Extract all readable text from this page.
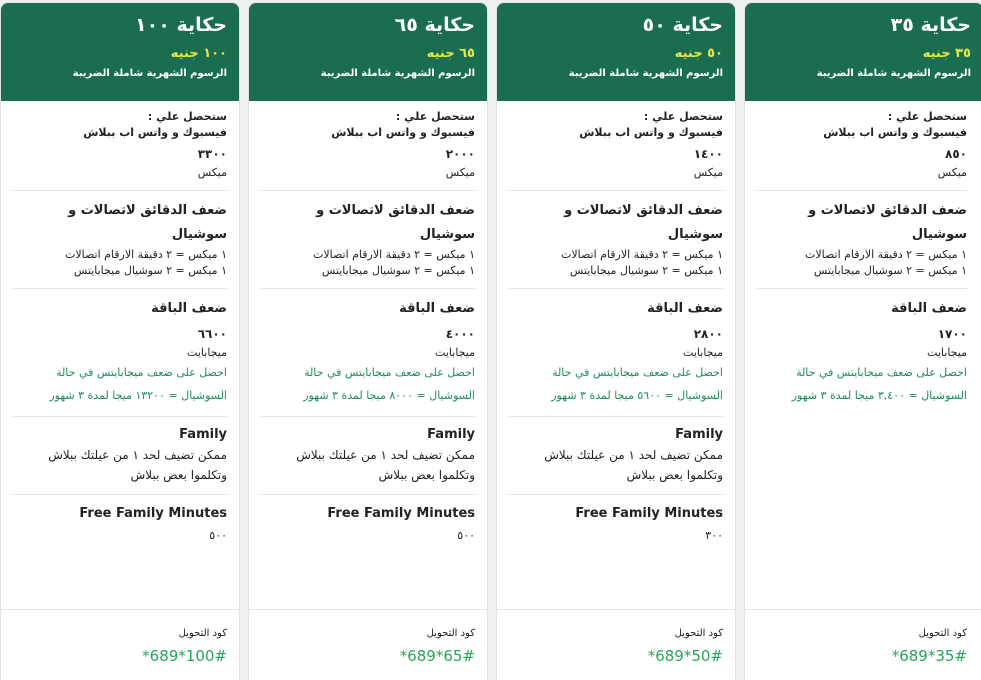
حكاية ١٠٠
١٠٠ جنيه
الرسوم الشهرية شاملة الضريبة
ستحصل علي :
فيسبوك و واتس اب ببلاش
٣٣٠٠
ميكس
ضعف الدقائق لاتصالات و سوشيال
١ ميكس = ٢ دقيقة الارقام اتصالات
١ ميكس = ٢ سوشيال ميجابايتس
ضعف الباقة
٦٦٠٠
ميجابايت
احصل على ضعف ميجابايتس في حالة السوشيال = ١٣٢٠٠ ميجا لمدة ٣ شهور
Family
ممكن تضيف لحد ١ من عيلتك ببلاش وتكلموا بعض ببلاش
Free Family Minutes
٥٠٠
كود التحويل
*689*100#
حكاية ٦٥
٦٥ جنيه
الرسوم الشهرية شاملة الضريبة
ستحصل علي :
فيسبوك و واتس اب ببلاش
٢٠٠٠
ميكس
ضعف الدقائق لاتصالات و سوشيال
١ ميكس = ٢ دقيقة الارقام اتصالات
١ ميكس = ٢ سوشيال ميجابايتس
ضعف الباقة
٤٠٠٠
ميجابايت
احصل على ضعف ميجابايتس في حالة السوشيال = ٨٠٠٠ ميجا لمدة ٣ شهور
Family
ممكن تضيف لحد ١ من عيلتك ببلاش وتكلموا بعض ببلاش
Free Family Minutes
٥٠٠
كود التحويل
*689*65#
حكاية ٥٠
٥٠ جنيه
الرسوم الشهرية شاملة الضريبة
ستحصل علي :
فيسبوك و واتس اب ببلاش
١٤٠٠
ميكس
ضعف الدقائق لاتصالات و سوشيال
١ ميكس = ٢ دقيقة الارقام اتصالات
١ ميكس = ٢ سوشيال ميجابايتس
ضعف الباقة
٢٨٠٠
ميجابايت
احصل على ضعف ميجابايتس في حالة السوشيال = ٥٦٠٠ ميجا لمدة ٣ شهور
Family
ممكن تضيف لحد ١ من عيلتك ببلاش وتكلموا بعض ببلاش
Free Family Minutes
٣٠٠
كود التحويل
*689*50#
حكاية ٣٥
٣٥ جنيه
الرسوم الشهرية شاملة الضريبة
ستحصل علي :
فيسبوك و واتس اب ببلاش
٨٥٠
ميكس
ضعف الدقائق لاتصالات و سوشيال
١ ميكس = ٢ دقيقة الارقام اتصالات
١ ميكس = ٢ سوشيال ميجابايتس
ضعف الباقة
١٧٠٠
ميجابايت
احصل على ضعف ميجابايتس في حالة السوشيال = ٣,٤٠٠ ميجا لمدة ٣ شهور
كود التحويل
*689*35#
